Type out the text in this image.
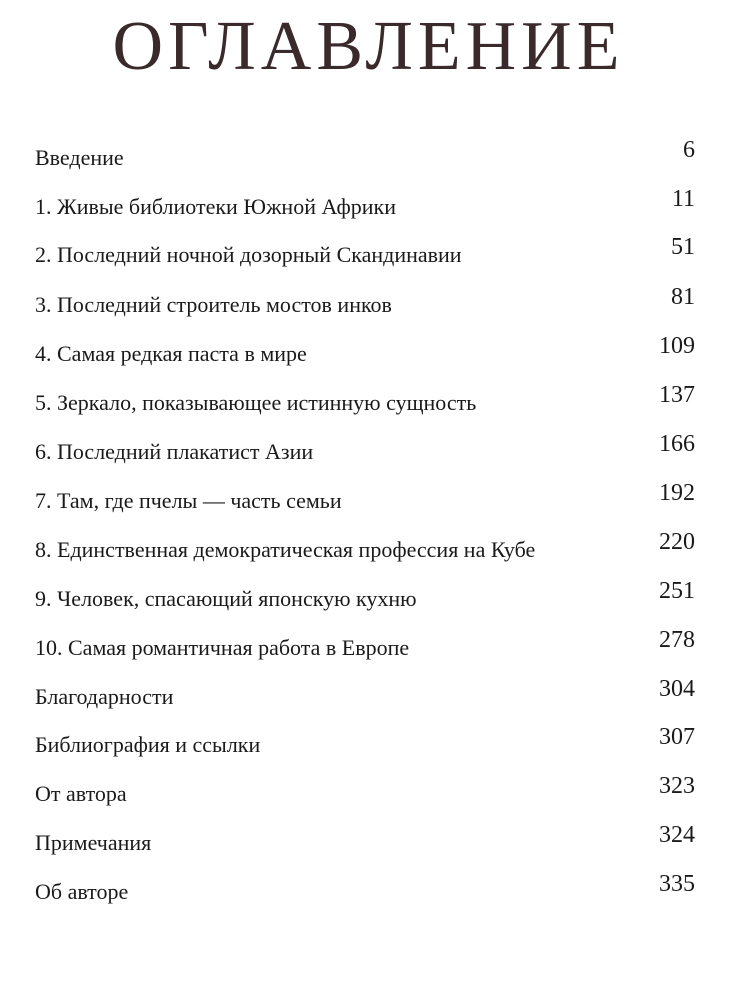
ОГЛАВЛЕНИЕ
Введение	6
1. Живые библиотеки Южной Африки	11
2. Последний ночной дозорный Скандинавии	51
3. Последний строитель мостов инков	81
4. Самая редкая паста в мире	109
5. Зеркало, показывающее истинную сущность	137
6. Последний плакатист Азии	166
7. Там, где пчелы — часть семьи	192
8. Единственная демократическая профессия на Кубе	220
9. Человек, спасающий японскую кухню	251
10. Самая романтичная работа в Европе	278
Благодарности	304
Библиография и ссылки	307
От автора	323
Примечания	324
Об авторе	335
